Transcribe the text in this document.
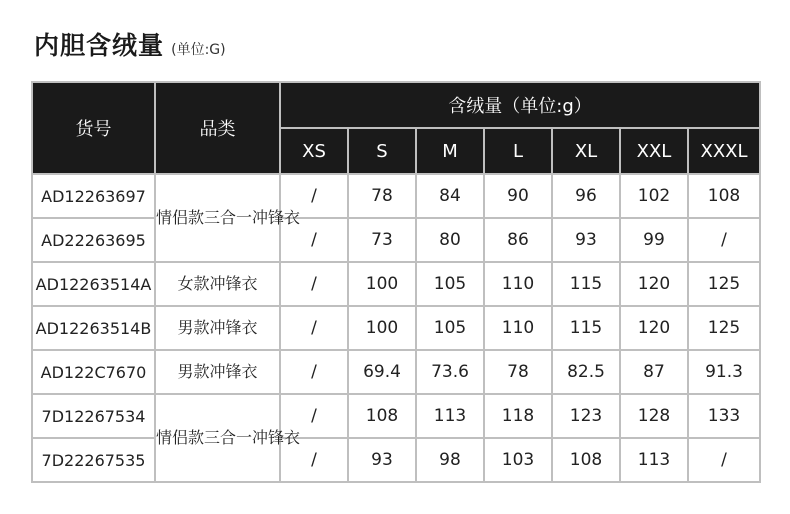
内胆含绒量 (单位:G)
货号	品类	含绒量（单位:g）						
		XS	S	M	L	XL	XXL	XXXL
AD12263697	情侣款三合一冲锋衣	/	78	84	90	96	102	108
AD22263695		/	73	80	86	93	99	/
AD12263514A	女款冲锋衣	/	100	105	110	115	120	125
AD12263514B	男款冲锋衣	/	100	105	110	115	120	125
AD122C7670	男款冲锋衣	/	69.4	73.6	78	82.5	87	91.3
7D12267534	情侣款三合一冲锋衣	/	108	113	118	123	128	133
7D22267535		/	93	98	103	108	113	/
